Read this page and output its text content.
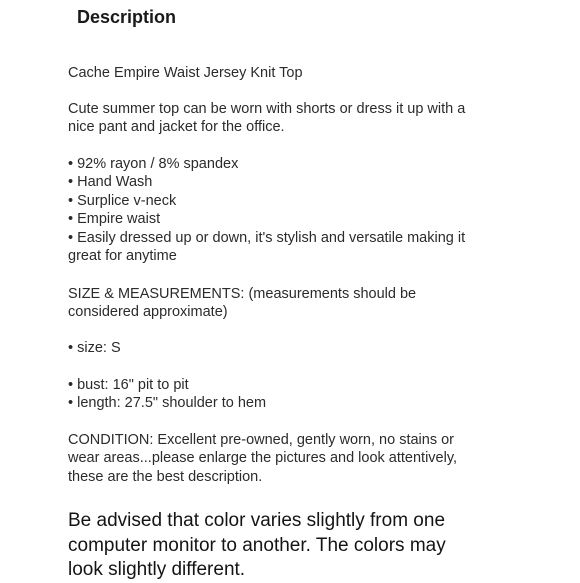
Description

Cache Empire Waist Jersey Knit Top

Cute summer top can be worn with shorts or dress it up with a
nice pant and jacket for the office.
• 92% rayon / 8% spandex
• Hand Wash
• Surplice v-neck
• Empire waist
• Easily dressed up or down, it's stylish and versatile making it
great for anytime
SIZE & MEASUREMENTS: (measurements should be
considered approximate)

• size: S

• bust: 16" pit to pit
• length: 27.5" shoulder to hem
CONDITION: Excellent pre-owned, gently worn, no stains or
wear areas...please enlarge the pictures and look attentively,
these are the best description.
Be advised that color varies slightly from one
computer monitor to another. The colors may
look slightly different.
